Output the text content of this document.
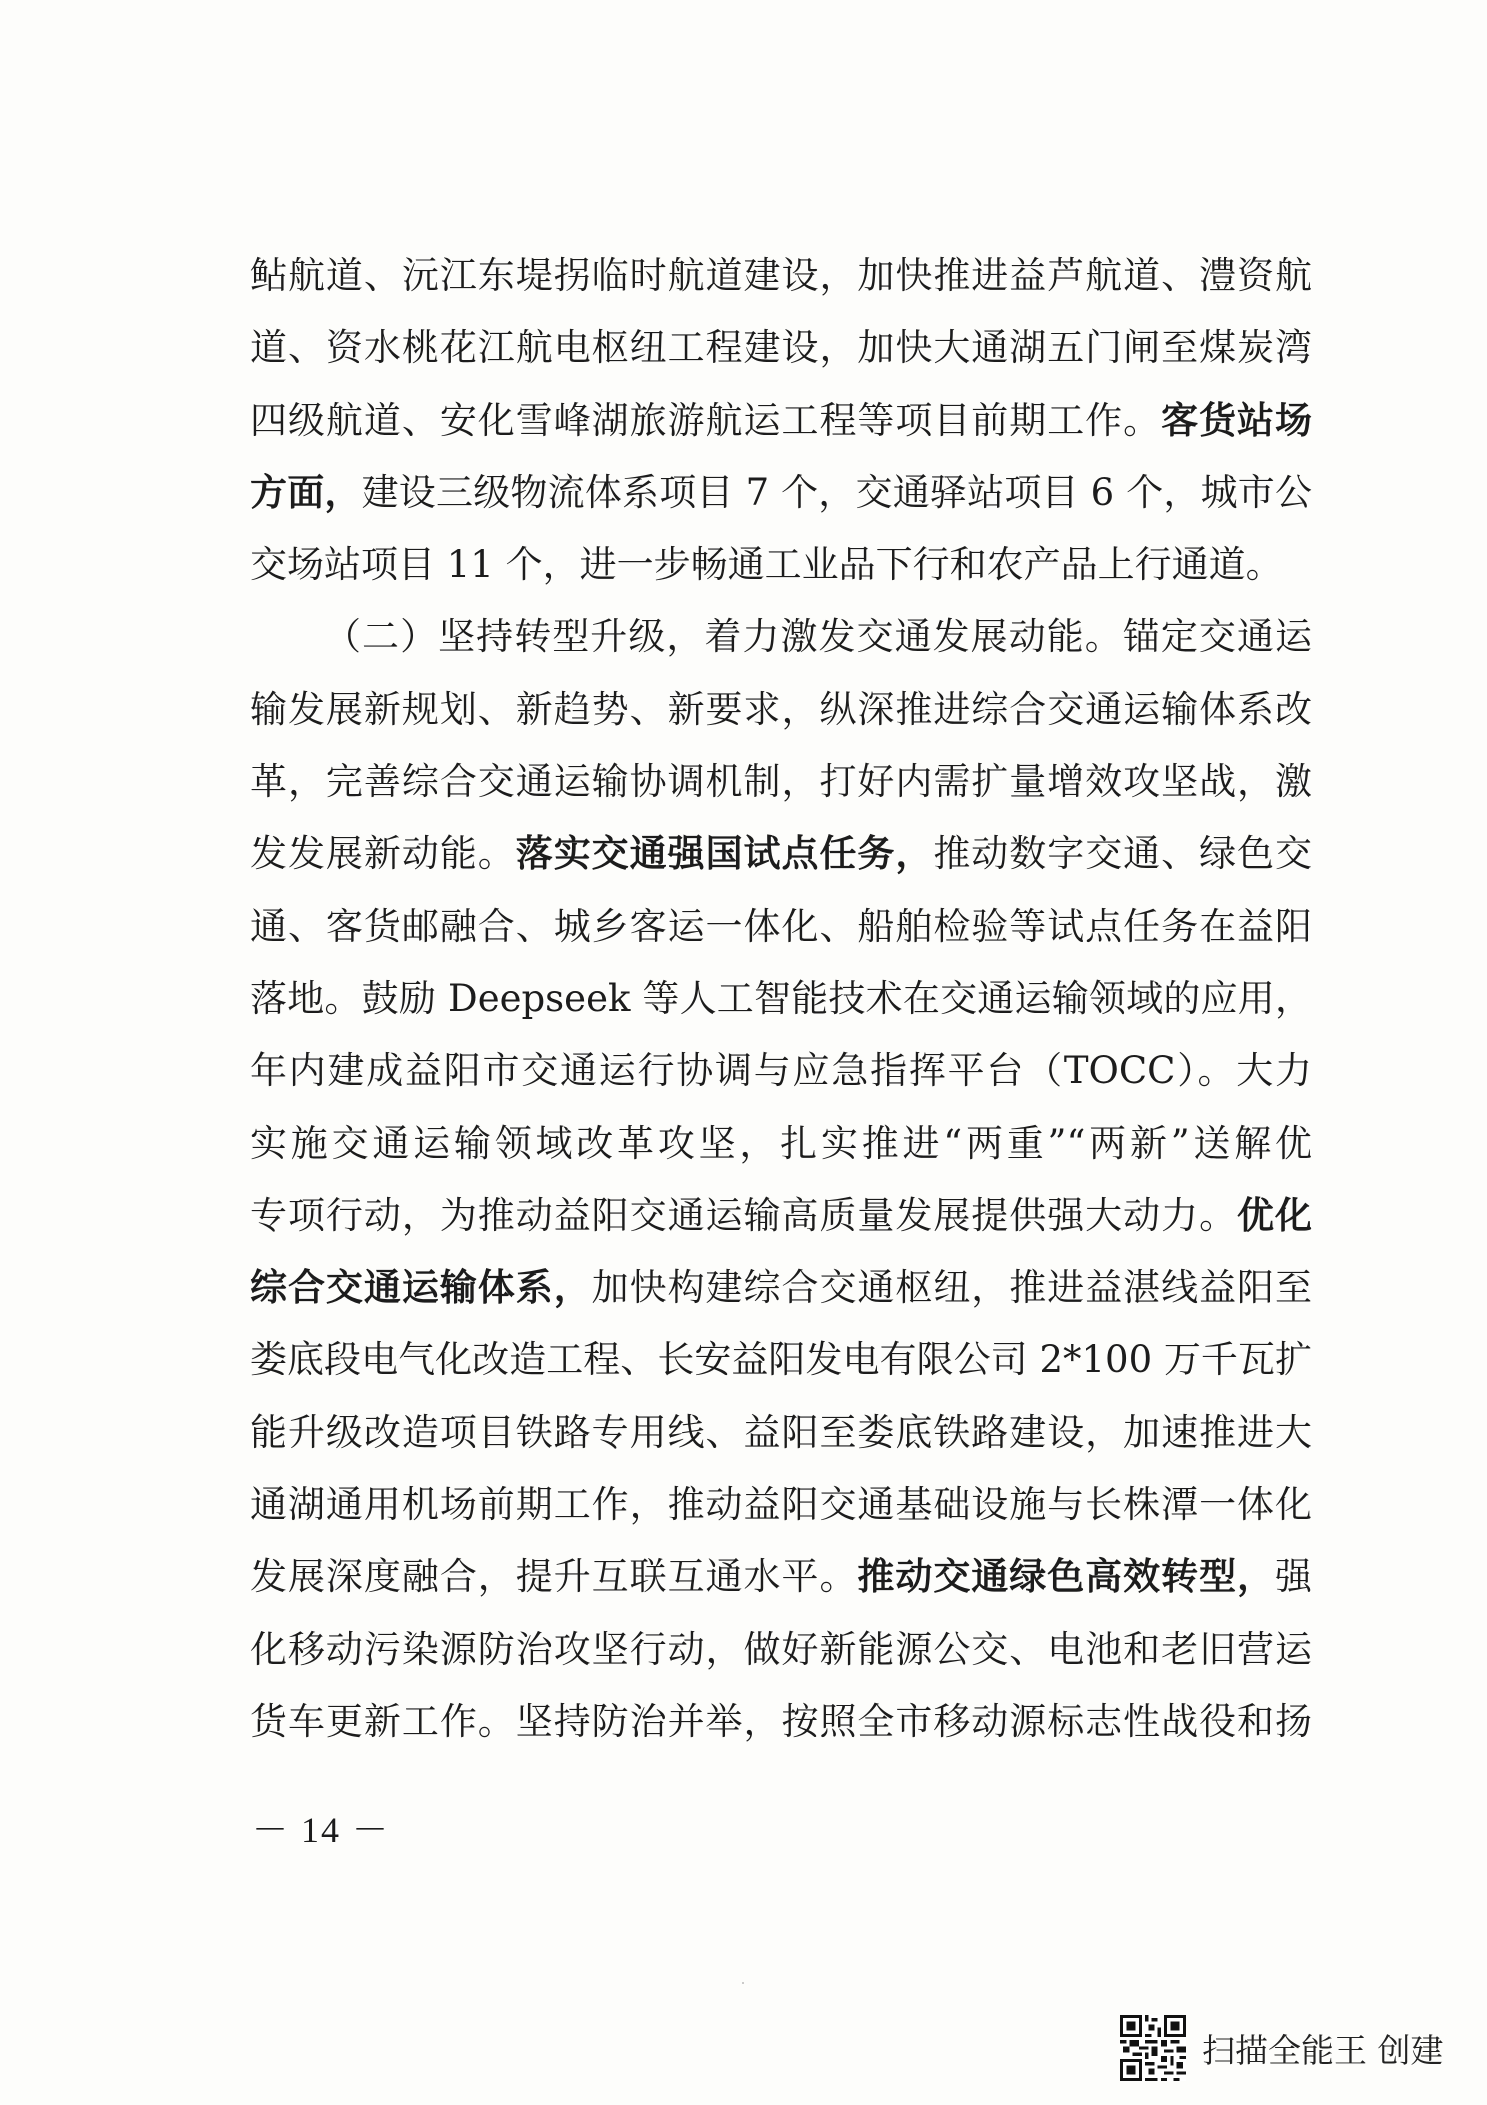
鲇航道、沅江东堤拐临时航道建设，加快推进益芦航道、澧资航
道、资水桃花江航电枢纽工程建设，加快大通湖五门闸至煤炭湾
四级航道、安化雪峰湖旅游航运工程等项目前期工作。客货站场
方面，建设三级物流体系项目 7 个，交通驿站项目 6 个，城市公
交场站项目 11 个，进一步畅通工业品下行和农产品上行通道。
（二）坚持转型升级，着力激发交通发展动能。锚定交通运
输发展新规划、新趋势、新要求，纵深推进综合交通运输体系改
革，完善综合交通运输协调机制，打好内需扩量增效攻坚战，激
发发展新动能。落实交通强国试点任务，推动数字交通、绿色交
通、客货邮融合、城乡客运一体化、船舶检验等试点任务在益阳
落地。鼓励 Deepseek 等人工智能技术在交通运输领域的应用，
年内建成益阳市交通运行协调与应急指挥平台（TOCC）。大力
实施交通运输领域改革攻坚，扎实推进“两重”“两新”送解优
专项行动，为推动益阳交通运输高质量发展提供强大动力。优化
综合交通运输体系，加快构建综合交通枢纽，推进益湛线益阳至
娄底段电气化改造工程、长安益阳发电有限公司 2*100 万千瓦扩
能升级改造项目铁路专用线、益阳至娄底铁路建设，加速推进大
通湖通用机场前期工作，推动益阳交通基础设施与长株潭一体化
发展深度融合，提升互联互通水平。推动交通绿色高效转型，强
化移动污染源防治攻坚行动，做好新能源公交、电池和老旧营运
货车更新工作。坚持防治并举，按照全市移动源标志性战役和扬
－ 14 －
扫描全能王 创建
